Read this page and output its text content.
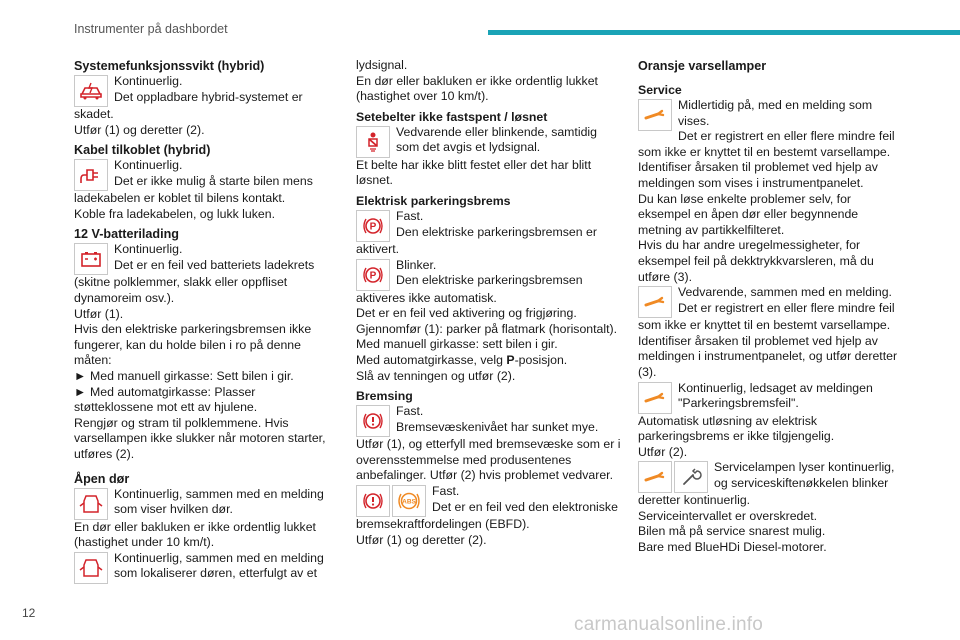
Instrumenter på dashbordet
Systemefunksjonssvikt (hybrid)

Kontinuerlig.
Det oppladbare hybrid-systemet er

skadet.
Utfør (1) og deretter (2).

Kabel tilkoblet (hybrid)

Kontinuerlig.
Det er ikke mulig å starte bilen mens

ladekabelen er koblet til bilens kontakt.
Koble fra ladekabelen, og lukk luken.

12 V-batterilading

Kontinuerlig.
Det er en feil ved batteriets ladekrets

(skitne polklemmer, slakk eller oppfliset dynamoreim osv.).
Utfør (1).
Hvis den elektriske parkeringsbremsen ikke fungerer, kan du holde bilen i ro på denne måten:

► Med manuell girkasse: Sett bilen i gir.

► Med automatgirkasse: Plasser støtteklossene mot ett av hjulene.

Rengjør og stram til polklemmene. Hvis varsellampen ikke slukker når motoren starter, utføres (2).

Åpen dør

Kontinuerlig, sammen med en melding som viser hvilken dør.

En dør eller bakluken er ikke ordentlig lukket (hastighet under 10 km/t).

Kontinuerlig, sammen med en melding som lokaliserer døren, etterfulgt av et

lydsignal.
En dør eller bakluken er ikke ordentlig lukket (hastighet over 10 km/t).

Setebelter ikke fastspent / løsnet

Vedvarende eller blinkende, samtidig som det avgis et lydsignal.

Et belte har ikke blitt festet eller det har blitt løsnet.

Elektrisk parkeringsbrems
P

Fast.
Den elektriske parkeringsbremsen er

aktivert.

P

Blinker.
Den elektriske parkeringsbremsen

aktiveres ikke automatisk.
Det er en feil ved aktivering og frigjøring.
Gjennomfør (1): parker på flatmark (horisontalt).
Med manuell girkasse: sett bilen i gir.

Med automatgirkasse, velg P-posisjon.

Slå av tenningen og utfør (2).

Bremsing

Fast.
Bremsevæskenivået har sunket mye.

Utfør (1), og etterfyll med bremsevæske som er i overensstemmelse med produsentenes anbefalinger. Utfør (2) hvis problemet vedvarer.

ABS

Fast.
Det er en feil ved den elektroniske

bremsekraftfordelingen (EBFD).
Utfør (1) og deretter (2).

Oransje varsellamper
Service

Midlertidig på, med en melding som vises.
Det er registrert en eller flere mindre feil

som ikke er knyttet til en bestemt varsellampe. Identifiser årsaken til problemet ved hjelp av meldingen som vises i instrumentpanelet.
Du kan løse enkelte problemer selv, for eksempel en åpen dør eller begynnende metning av partikkelfilteret.
Hvis du har andre uregelmessigheter, for eksempel feil på dekktrykkvarsleren, må du utføre (3).

Vedvarende, sammen med en melding.
Det er registrert en eller flere mindre feil

som ikke er knyttet til en bestemt varsellampe. Identifiser årsaken til problemet ved hjelp av meldingen i instrumentpanelet, og utfør deretter (3).

Kontinuerlig, ledsaget av meldingen "Parkeringsbremsfeil".

Automatisk utløsning av elektrisk parkeringsbrems er ikke tilgjengelig.
Utfør (2).

Servicelampen lyser kontinuerlig, og serviceskiftenøkkelen blinker

deretter kontinuerlig.
Serviceintervallet er overskredet.
Bilen må på service snarest mulig.
Bare med BlueHDi Diesel-motorer.

12
carmanualsonline.info
